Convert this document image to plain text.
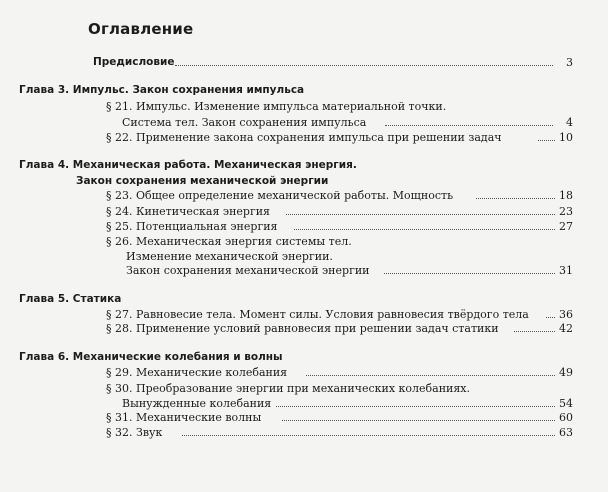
Оглавление
Предисловие	3
Глава 3. Импульс. Закон сохранения импульса
§ 21. Импульс. Изменение импульса материальной точки.
Система тел. Закон сохранения импульса	4
§ 22. Применение закона сохранения импульса при решении задач	10
Глава 4. Механическая работа. Механическая энергия.
Закон сохранения механической энергии
§ 23. Общее определение механической работы. Мощность	18
§ 24. Кинетическая энергия	23
§ 25. Потенциальная энергия	27
§ 26. Механическая энергия системы тел.
Изменение механической энергии.
Закон сохранения механической энергии	31
Глава 5. Статика
§ 27. Равновесие тела. Момент силы. Условия равновесия твёрдого тела	36
§ 28. Применение условий равновесия при решении задач статики	42
Глава 6. Механические колебания и волны
§ 29. Механические колебания	49
§ 30. Преобразование энергии при механических колебаниях.
Вынужденные колебания	54
§ 31. Механические волны	60
§ 32. Звук	63
